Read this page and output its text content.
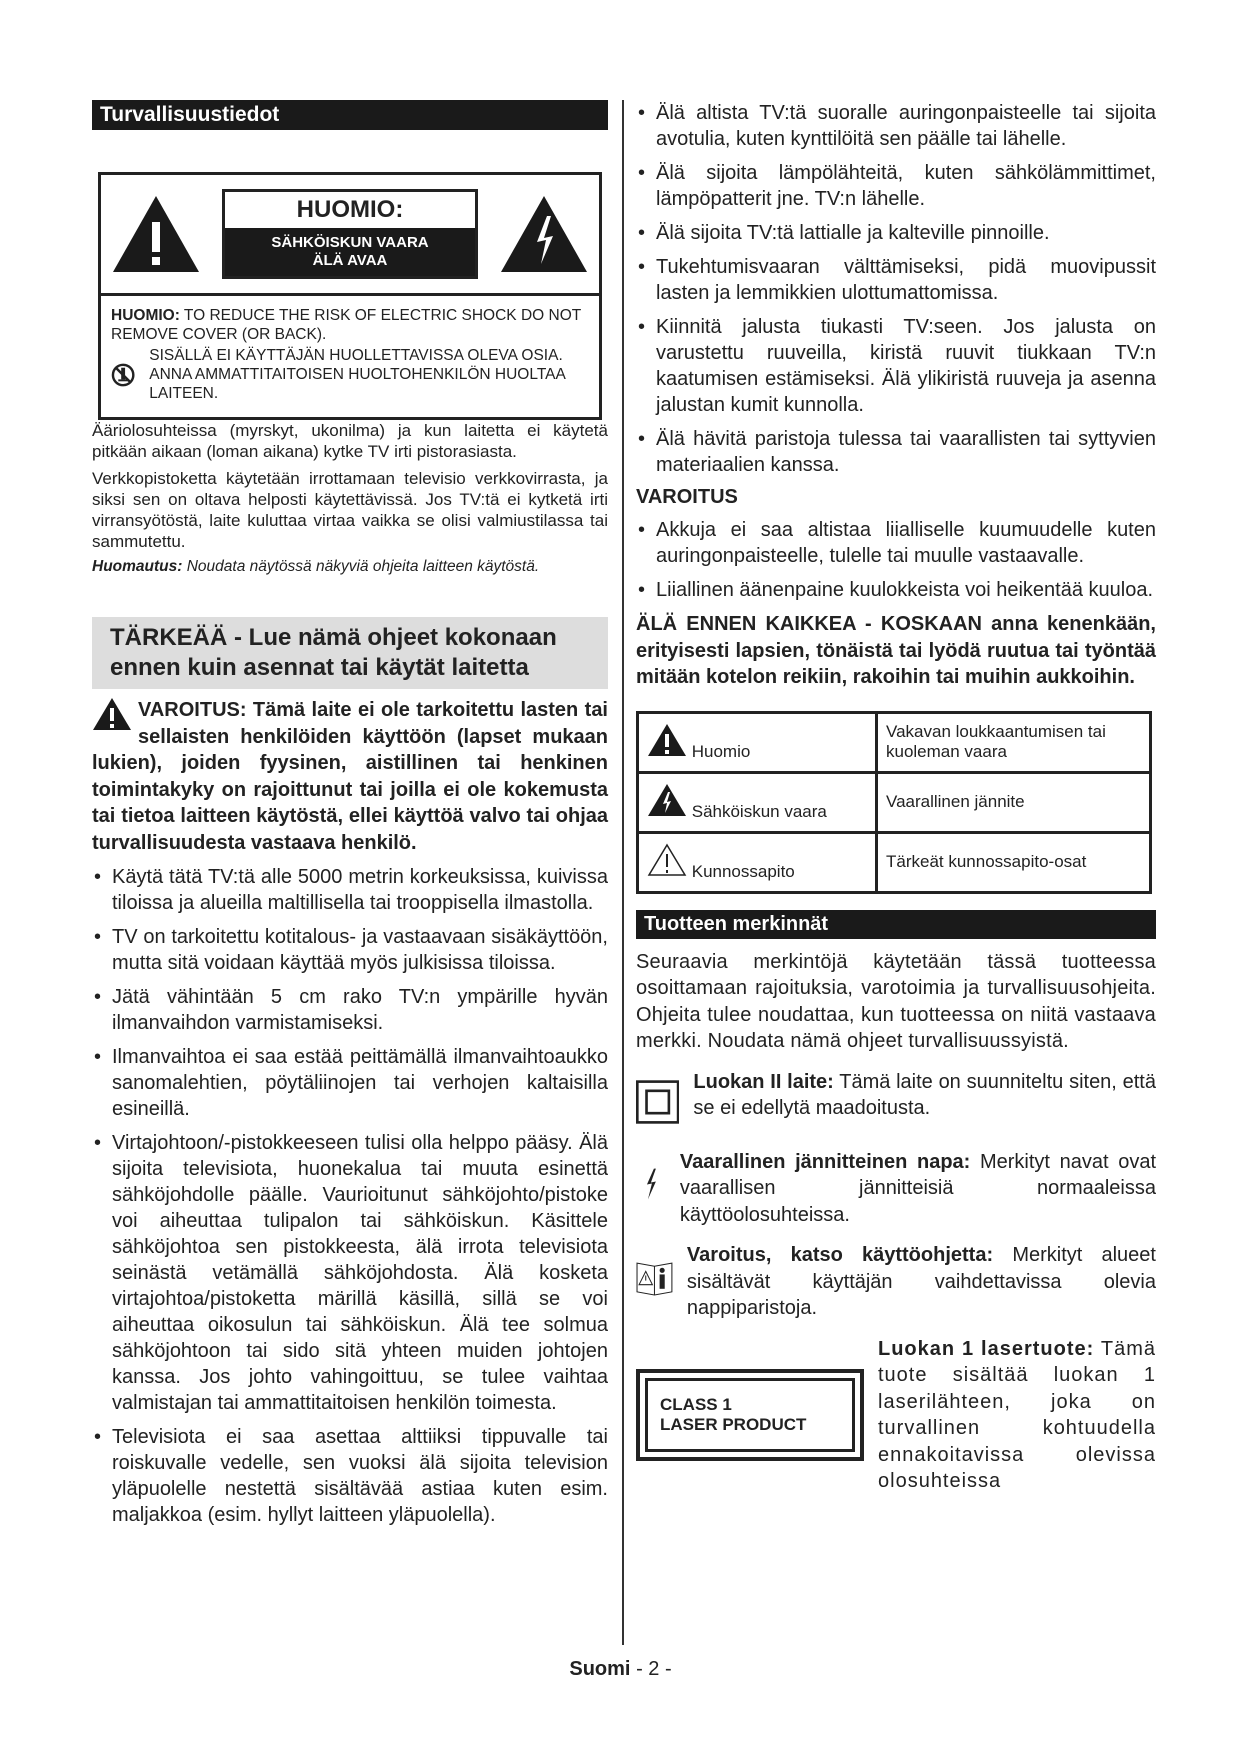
Turvallisuustiedot
HUOMIO:
SÄHKÖISKUN VAARA
ÄLÄ AVAA
HUOMIO: TO REDUCE THE RISK OF ELECTRIC SHOCK DO NOT REMOVE COVER (OR BACK).
SISÄLLÄ EI KÄYTTÄJÄN HUOLLETTAVISSA OLEVA OSIA. ANNA AMMATTITAITOISEN HUOLTOHENKILÖN HUOLTAA LAITEEN.

Ääriolosuhteissa (myrskyt, ukonilma) ja kun laitetta ei käytetä pitkään aikaan (loman aikana) kytke TV irti pistorasiasta.

Verkkopistoketta käytetään irrottamaan televisio verkkovirrasta, ja siksi sen on oltava helposti käytettävissä. Jos TV:tä ei kytketä irti virransyötöstä, laite kuluttaa virtaa vaikka se olisi valmiustilassa tai sammutettu.

Huomautus: Noudata näytössä näkyviä ohjeita laitteen käytöstä.

TÄRKEÄÄ - Lue nämä ohjeet kokonaan ennen kuin asennat tai käytät laitetta
VAROITUS: Tämä laite ei ole tarkoitettu lasten tai sellaisten henkilöiden käyttöön (lapset mukaan lukien), joiden fyysinen, aistillinen tai henkinen toimintakyky on rajoittunut tai joilla ei ole kokemusta tai tietoa laitteen käytöstä, ellei käyttöä valvo tai ohjaa turvallisuudesta vastaava henkilö.
• Käytä tätä TV:tä alle 5000 metrin korkeuksissa, kuivissa tiloissa ja alueilla maltillisella tai trooppisella ilmastolla.
• TV on tarkoitettu kotitalous- ja vastaavaan sisäkäyttöön, mutta sitä voidaan käyttää myös julkisissa tiloissa.
• Jätä vähintään 5 cm rako TV:n ympärille hyvän ilmanvaihdon varmistamiseksi.
• Ilmanvaihtoa ei saa estää peittämällä ilmanvaihtoaukko sanomalehtien, pöytäliinojen tai verhojen kaltaisilla esineillä.
• Virtajohtoon/-pistokkeeseen tulisi olla helppo pääsy. Älä sijoita televisiota, huonekalua tai muuta esinettä sähköjohdolle päälle. Vaurioitunut sähköjohto/pistoke voi aiheuttaa tulipalon tai sähköiskun. Käsittele sähköjohtoa sen pistokkeesta, älä irrota televisiota seinästä vetämällä sähköjohdosta. Älä kosketa virtajohtoa/pistoketta märillä käsillä, sillä se voi aiheuttaa oikosulun tai sähköiskun. Älä tee solmua sähköjohtoon tai sido sitä yhteen muiden johtojen kanssa. Jos johto vahingoittuu, se tulee vaihtaa valmistajan tai ammattitaitoisen henkilön toimesta.
• Televisiota ei saa asettaa alttiiksi tippuvalle tai roiskuvalle vedelle, sen vuoksi älä sijoita television yläpuolelle nestettä sisältävää astiaa kuten esim. maljakkoa (esim. hyllyt laitteen yläpuolella).
• Älä altista TV:tä suoralle auringonpaisteelle tai sijoita avotulia, kuten kynttilöitä sen päälle tai lähelle.
• Älä sijoita lämpölähteitä, kuten sähkölämmittimet, lämpöpatterit jne. TV:n lähelle.
• Älä sijoita TV:tä lattialle ja kalteville pinnoille.
• Tukehtumisvaaran välttämiseksi, pidä muovipussit lasten ja lemmikkien ulottumattomissa.
• Kiinnitä jalusta tiukasti TV:seen. Jos jalusta on varustettu ruuveilla, kiristä ruuvit tiukkaan TV:n kaatumisen estämiseksi. Älä ylikiristä ruuveja ja asenna jalustan kumit kunnolla.
• Älä hävitä paristoja tulessa tai vaarallisten tai syttyvien materiaalien kanssa.
VAROITUS
• Akkuja ei saa altistaa liialliselle kuumuudelle kuten auringonpaisteelle, tulelle tai muulle vastaavalle.
• Liiallinen äänenpaine kuulokkeista voi heikentää kuuloa.
ÄLÄ ENNEN KAIKKEA - KOSKAAN anna kenenkään, erityisesti lapsien, tönäistä tai lyödä ruutua tai työntää mitään kotelon reikiin, rakoihin tai muihin aukkoihin.
Huomio	Vakavan loukkaantumisen tai kuoleman vaara
Sähköiskun vaara	Vaarallinen jännite
Kunnossapito	Tärkeät kunnossapito-osat
Tuotteen merkinnät
Seuraavia merkintöjä käytetään tässä tuotteessa osoittamaan rajoituksia, varotoimia ja turvallisuusohjeita. Ohjeita tulee noudattaa, kun tuotteessa on niitä vastaava merkki. Noudata nämä ohjeet turvallisuussyistä.
Luokan II laite: Tämä laite on suunniteltu siten, että se ei edellytä maadoitusta.
Vaarallinen jännitteinen napa: Merkityt navat ovat vaarallisen jännitteisiä normaaleissa käyttöolosuhteissa.
Varoitus, katso käyttöohjetta: Merkityt alueet sisältävät käyttäjän vaihdettavissa olevia nappiparistoja.
CLASS 1
LASER PRODUCT
Luokan 1 lasertuote: Tämä tuote sisältää luokan 1 laserilähteen, joka on turvallinen kohtuudella ennakoitavissa olevissa olosuhteissa
Suomi - 2 -
